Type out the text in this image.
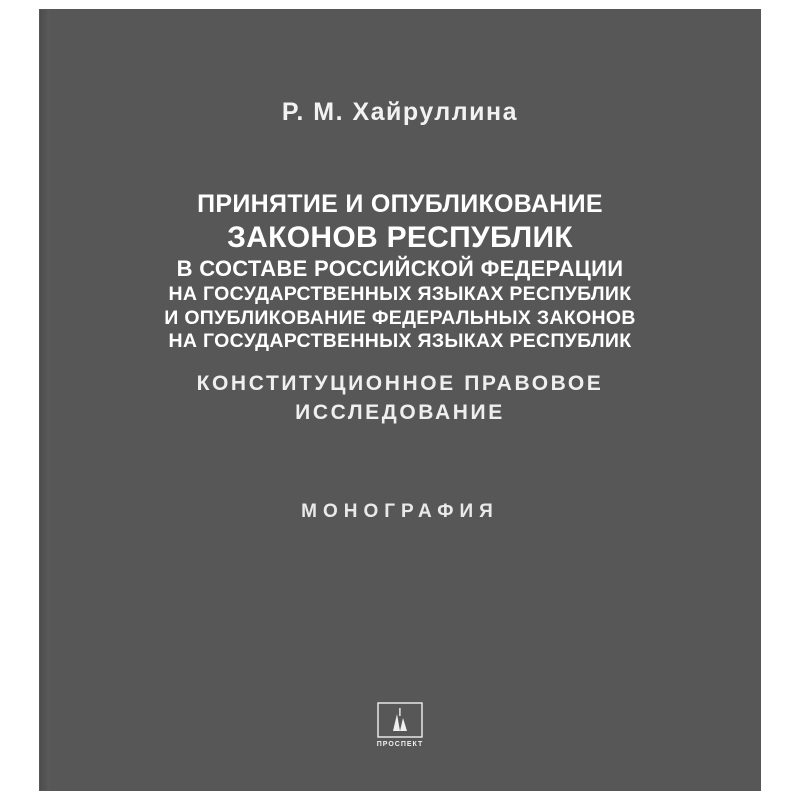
Р. М. Хайруллина
ПРИНЯТИЕ И ОПУБЛИКОВАНИЕ
ЗАКОНОВ РЕСПУБЛИК
В СОСТАВЕ РОССИЙСКОЙ ФЕДЕРАЦИИ
НА ГОСУДАРСТВЕННЫХ ЯЗЫКАХ РЕСПУБЛИК
И ОПУБЛИКОВАНИЕ ФЕДЕРАЛЬНЫХ ЗАКОНОВ
НА ГОСУДАРСТВЕННЫХ ЯЗЫКАХ РЕСПУБЛИК
КОНСТИТУЦИОННОЕ ПРАВОВОЕ
ИССЛЕДОВАНИЕ
МОНОГРАФИЯ
ПРОСПЕКТ
